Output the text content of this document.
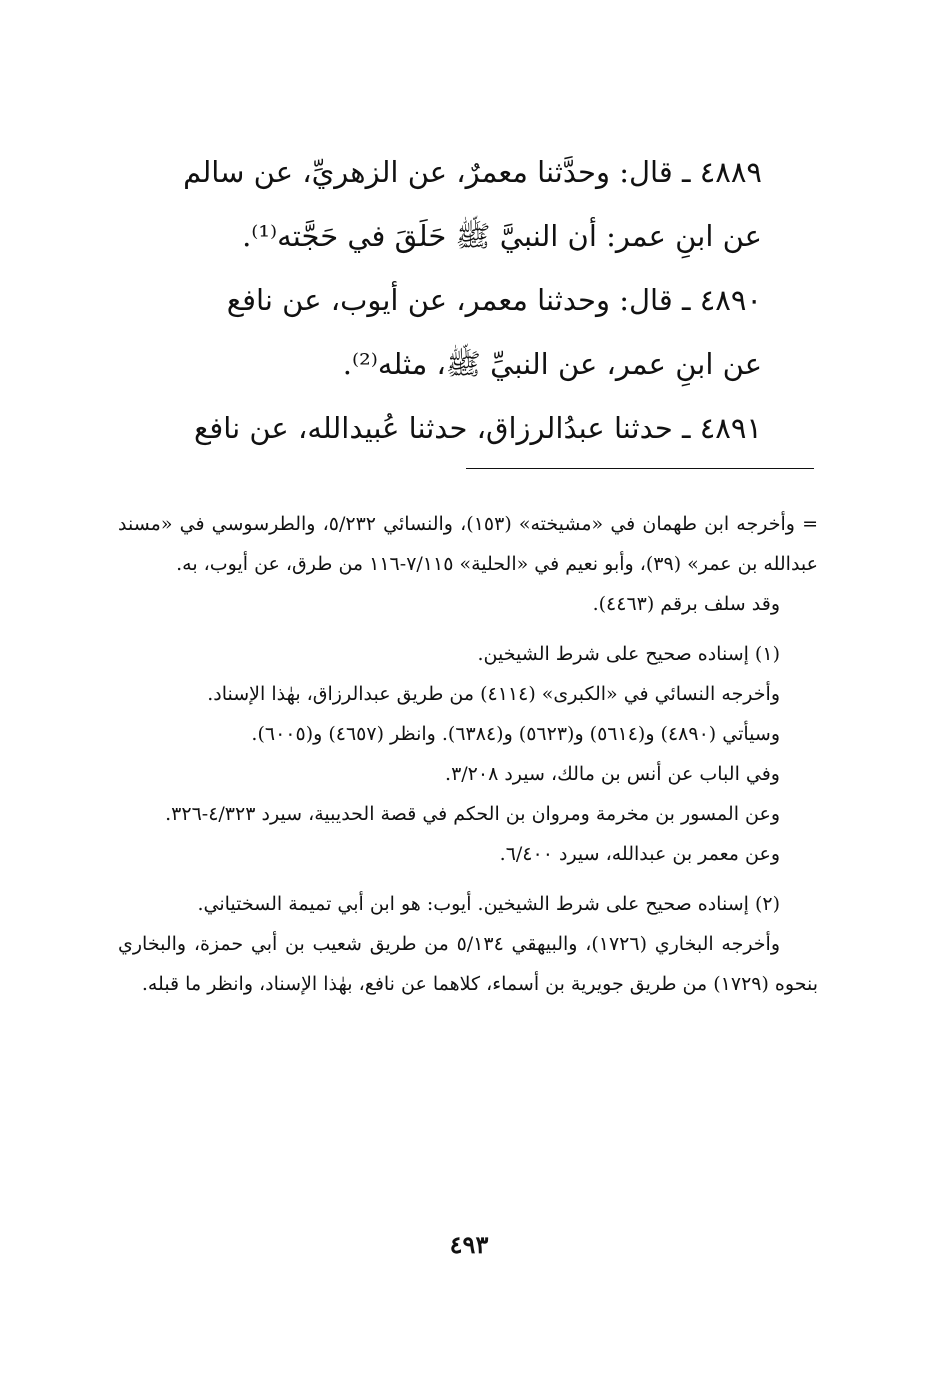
٤٨٨٩ ـ قال: وحدَّثنا معمرٌ، عن الزهريِّ، عن سالم
عن ابنِ عمر: أن النبيَّ ﷺ حَلَقَ في حَجَّته⁽¹⁾.
٤٨٩٠ ـ قال: وحدثنا معمر، عن أيوب، عن نافع
عن ابنِ عمر، عن النبيِّ ﷺ، مثله⁽²⁾.
٤٨٩١ ـ حدثنا عبدُالرزاق، حدثنا عُبيدالله، عن نافع

= وأخرجه ابن طهمان في «مشيخته» (١٥٣)، والنسائي ٥/٢٣٢، والطرسوسي في «مسند عبدالله بن عمر» (٣٩)، وأبو نعيم في «الحلية» ٧/١١٥-١١٦ من طرق، عن أيوب، به.

وقد سلف برقم (٤٤٦٣).

(١) إسناده صحيح على شرط الشيخين.

وأخرجه النسائي في «الكبرى» (٤١١٤) من طريق عبدالرزاق، بهٰذا الإسناد.

وسيأتي (٤٨٩٠) و(٥٦١٤) و(٥٦٢٣) و(٦٣٨٤). وانظر (٤٦٥٧) و(٦٠٠٥).

وفي الباب عن أنس بن مالك، سيرد ٣/٢٠٨.

وعن المسور بن مخرمة ومروان بن الحكم في قصة الحديبية، سيرد ٤/٣٢٣-٣٢٦.

وعن معمر بن عبدالله، سيرد ٦/٤٠٠.

(٢) إسناده صحيح على شرط الشيخين. أيوب: هو ابن أبي تميمة السختياني.

وأخرجه البخاري (١٧٢٦)، والبيهقي ٥/١٣٤ من طريق شعيب بن أبي حمزة، والبخاري بنحوه (١٧٢٩) من طريق جويرية بن أسماء، كلاهما عن نافع، بهٰذا الإسناد، وانظر ما قبله.

٤٩٣
